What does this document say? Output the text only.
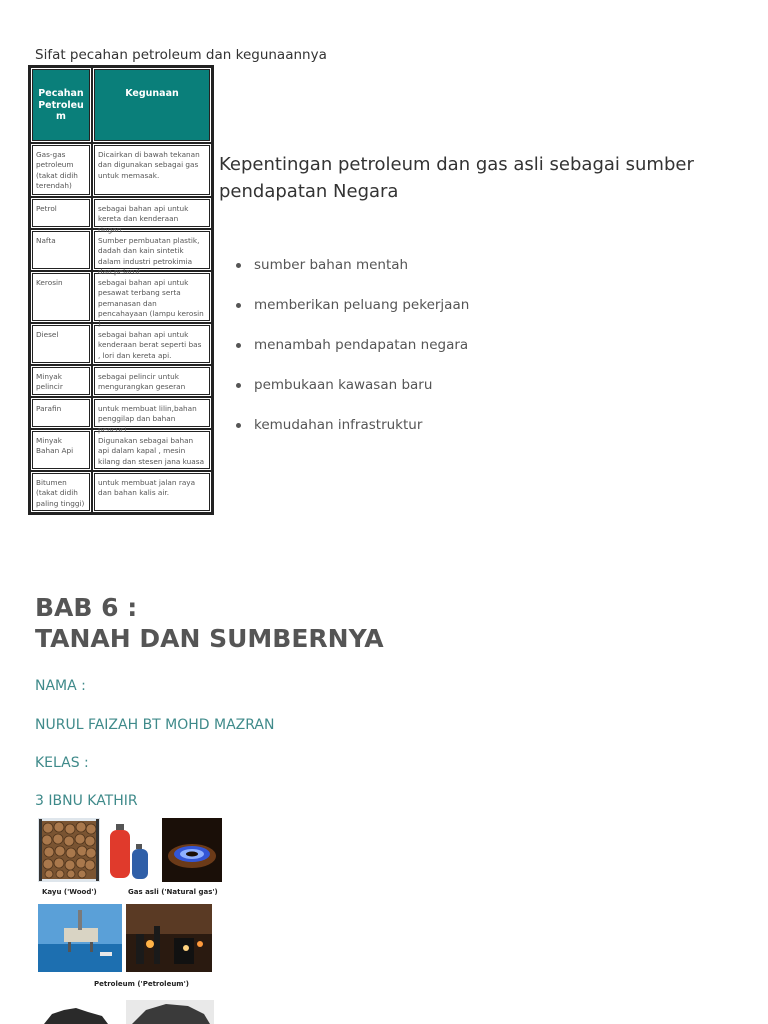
Sifat pecahan petroleum dan kegunaannya
Pecahan Petroleu m	Kegunaan

Gas-gas petroleum (takat didih terendah)	Dicairkan di bawah tekanan dan digunakan sebagai gas untuk memasak.

Petrol	sebagai bahan api untuk kereta dan kenderaan ringan.

Nafta	Sumber pembuatan plastik, dadah dan kain sintetik dalam industri petrokimia dan pelarut

Kerosin	sebagai bahan api untuk pesawat terbang serta pemanasan dan pencahayaan (lampu kerosin )

Diesel	sebagai bahan api untuk kenderaan berat seperti bas , lori dan kereta api.

Minyak pelincir	sebagai pelincir untuk mengurangkan geseran

Parafin	untuk membuat lilin,bahan penggilap dan bahan pencuci

Minyak Bahan Api	Digunakan sebagai bahan api dalam kapal , mesin kilang dan stesen jana kuasa

Bitumen (takat didih paling tinggi)	untuk membuat jalan raya dan bahan kalis air.
Kepentingan petroleum dan gas asli sebagai sumber pendapatan Negara
sumber bahan mentah
memberikan peluang pekerjaan
menambah pendapatan negara
pembukaan kawasan baru
kemudahan infrastruktur
BAB 6 :
TANAH DAN SUMBERNYA
NAMA :
NURUL FAIZAH BT MOHD MAZRAN
KELAS :
3 IBNU KATHIR
Kayu ('Wood')	Gas asli ('Natural gas')
Petroleum ('Petroleum')
